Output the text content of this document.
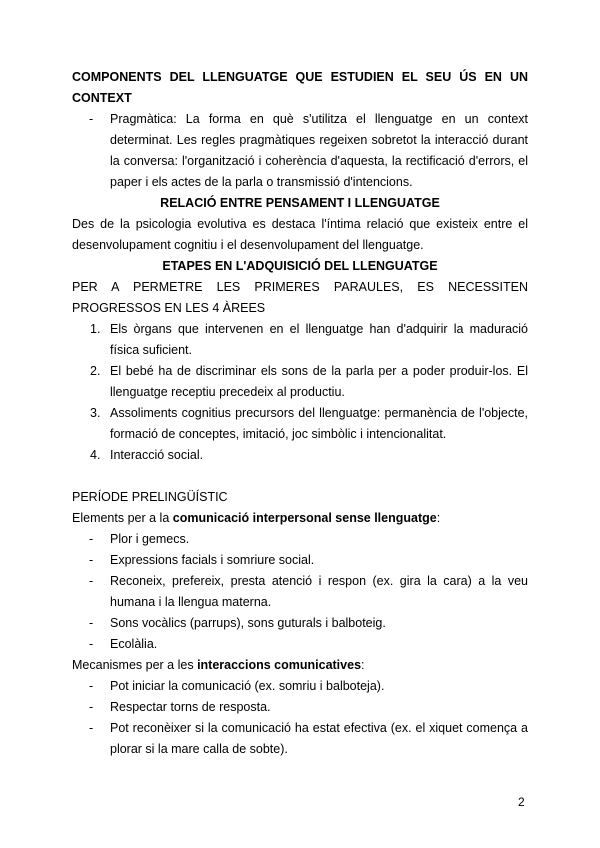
COMPONENTS DEL LLENGUATGE QUE ESTUDIEN EL SEU ÚS EN UN
CONTEXT
- Pragmàtica: La forma en què s'utilitza el llenguatge en un context determinat. Les regles pragmàtiques regeixen sobretot la interacció durant la conversa: l'organització i coherència d'aquesta, la rectificació d'errors, el paper i els actes de la parla o transmissió d'intencions.
RELACIÓ ENTRE PENSAMENT I LLENGUATGE
Des de la psicologia evolutiva es destaca l'íntima relació que existeix entre el desenvolupament cognitiu i el desenvolupament del llenguatge.
ETAPES EN L'ADQUISICIÓ DEL LLENGUATGE
PER A PERMETRE LES PRIMERES PARAULES, ES NECESSITEN
PROGRESSOS EN LES 4 ÀREES
1. Els òrgans que intervenen en el llenguatge han d'adquirir la maduració física suficient.
2. El bebé ha de discriminar els sons de la parla per a poder produir-los. El llenguatge receptiu precedeix al productiu.
3. Assoliments cognitius precursors del llenguatge: permanència de l'objecte, formació de conceptes, imitació, joc simbòlic i intencionalitat.
4. Interacció social.
PERÍODE PRELINGÜÍSTIC
Elements per a la comunicació interpersonal sense llenguatge:
- Plor i gemecs.
- Expressions facials i somriure social.
- Reconeix, prefereix, presta atenció i respon (ex. gira la cara) a la veu humana i la llengua materna.
- Sons vocàlics (parrups), sons guturals i balboteig.
- Ecolàlia.
Mecanismes per a les interaccions comunicatives:
- Pot iniciar la comunicació (ex. somriu i balboteja).
- Respectar torns de resposta.
- Pot reconèixer si la comunicació ha estat efectiva (ex. el xiquet comença a plorar si la mare calla de sobte).
2
